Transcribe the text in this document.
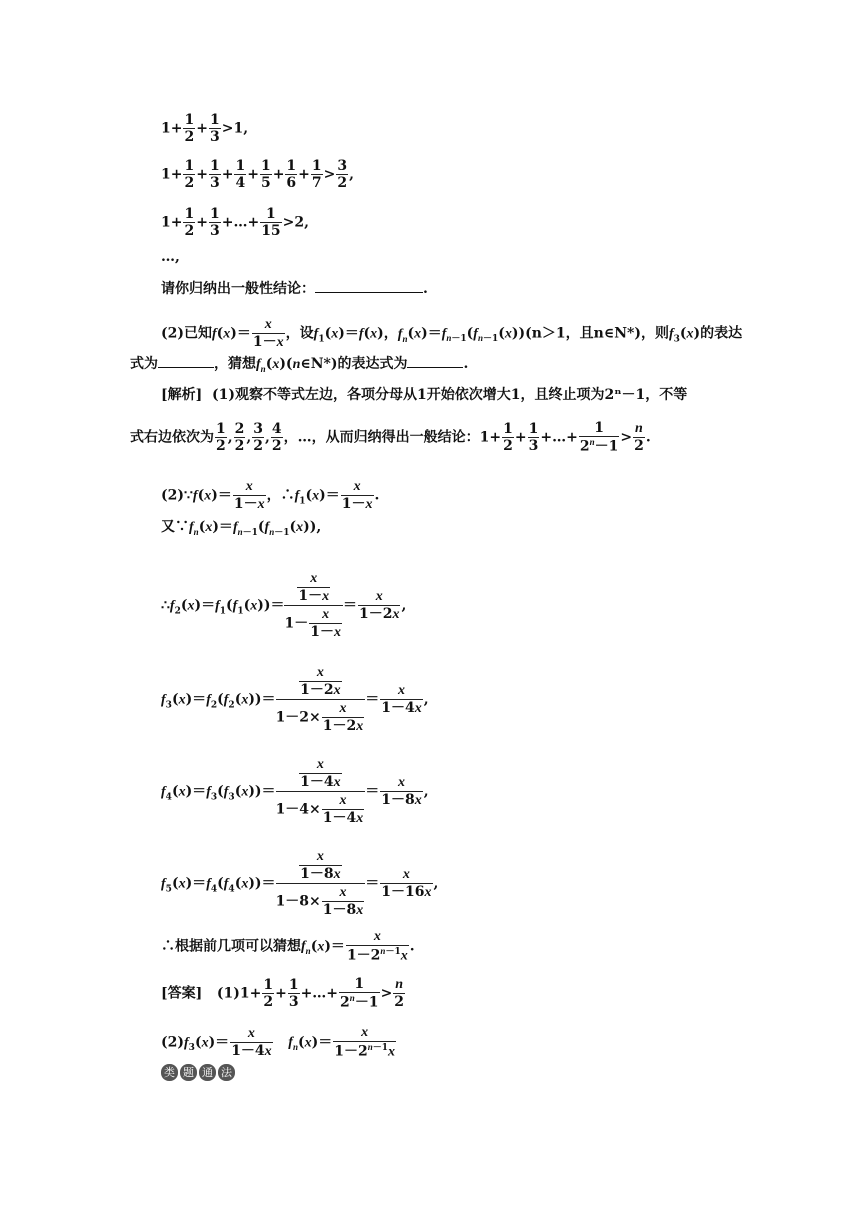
$1+ \frac{1}{2} + \frac{1}{3} >1$,
$1+ \frac{1}{2} + \frac{1}{3} + \frac{1}{4} + \frac{1}{5} + \frac{1}{6} + \frac{1}{7} > \frac{3}{2}$ ,
$1+ \frac{1}{2} + \frac{1}{3}$ +…+ $\frac{1}{15} >2$,
…,
请你归纳出一般性结论：	.
(2)已知$f(x)= \frac{x}{1-x}$ ，设$f_1(x)=f(x)$，$f_n(x)=f_{n-1}(f_{n-1}(x))(n>1$，且n∈N*)，则$f_3(x)$的表达
式为	，猜想$f_n(x)(n\in N*)$的表达式为	.
[解析] (1)观察不等式左边，各项分母从1开始依次增大1，且终止项为2ⁿ－1，不等
式右边依次为 $\frac{1}{2}$ , $\frac{2}{2}$ , $\frac{3}{2}$ , $\frac{4}{2}$ ，…，从而归纳得出一般结论：$1+ \frac{1}{2} + \frac{1}{3}$ +…+ $\frac{1}{2^n-1} > \frac{n}{2}$ .
(2)∵f(x)＝ $\frac{x}{1-x}$ ，$\therefore f_1(x)= \frac{x}{1-x}$ .
又$\because f_n(x)=f_{n-1}(f_{n-1}(x))$,
$\therefore f_2(x)=f_1(f_1(x))= \frac{\frac{x}{1-x}}{1- \frac{x}{1-x}} = \frac{x}{1-2x}$ ,
$f_3(x)=f_2(f_2(x))= \frac{\frac{x}{1-2x}}{1-2\times \frac{x}{1-2x}} = \frac{x}{1-4x}$ ,
$f_4(x)=f_3(f_3(x))= \frac{\frac{x}{1-4x}}{1-4\times \frac{x}{1-4x}} = \frac{x}{1-8x}$ ,
$f_5(x)=f_4(f_4(x))= \frac{\frac{x}{1-8x}}{1-8\times \frac{x}{1-8x}} = \frac{x}{1-16x}$ ,
∴根据前几项可以猜想$f_n(x)= \frac{x}{1-2^{n-1}x}$ .
[答案]   $(1)1+ \frac{1}{2} + \frac{1}{3}$ +…+ $\frac{1}{2^n-1} > \frac{n}{2}$
$(2)f_3(x)= \frac{x}{1-4x} f_n(x)= \frac{x}{1-2^{n-1}x}$
类 题 通 法
